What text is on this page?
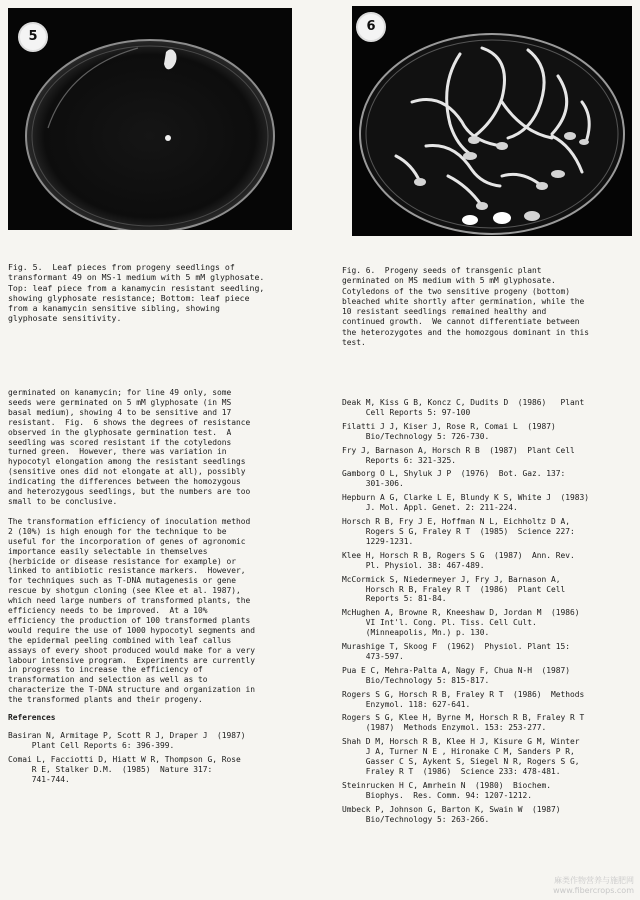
5
6
Fig. 5.  Leaf pieces from progeny seedlings of
transformant 49 on MS-1 medium with 5 mM glyphosate.
Top: leaf piece from a kanamycin resistant seedling,
showing glyphosate resistance; Bottom: leaf piece
from a kanamycin sensitive sibling, showing
glyphosate sensitivity.
Fig. 6.  Progeny seeds of transgenic plant
germinated on MS medium with 5 mM glyphosate.
Cotyledons of the two sensitive progeny (bottom)
bleached white shortly after germination, while the
10 resistant seedlings remained healthy and
continued growth.  We cannot differentiate between
the heterozygotes and the homozgous dominant in this
test.

germinated on kanamycin; for line 49 only, some
seeds were germinated on 5 mM glyphosate (in MS
basal medium), showing 4 to be sensitive and 17
resistant.  Fig.  6 shows the degrees of resistance
observed in the glyphosate germination test.  A
seedling was scored resistant if the cotyledons
turned green.  However, there was variation in
hypocotyl elongation among the resistant seedlings
(sensitive ones did not elongate at all), possibly
indicating the differences between the homozygous
and heterozygous seedlings, but the numbers are too
small to be conclusive.

The transformation efficiency of inoculation method
2 (10%) is high enough for the technique to be
useful for the incorporation of genes of agronomic
importance easily selectable in themselves
(herbicide or disease resistance for example) or
linked to antibiotic resistance markers.  However,
for techniques such as T-DNA mutagenesis or gene
rescue by shotgun cloning (see Klee et al. 1987),
which need large numbers of transformed plants, the
efficiency needs to be improved.  At a 10%
efficiency the production of 100 transformed plants
would require the use of 1000 hypocotyl segments and
the epidermal peeling combined with leaf callus
assays of every shoot produced would make for a very
labour intensive program.  Experiments are currently
in progress to increase the efficiency of
transformation and selection as well as to
characterize the T-DNA structure and organization in
the transformed plants and their progeny.

References
Basiran N, Armitage P, Scott R J, Draper J  (1987)
Plant Cell Reports 6: 396-399.
Comai L, Facciotti D, Hiatt W R, Thompson G, Rose
R E, Stalker D.M.  (1985)  Nature 317:
741-744.
Deak M, Kiss G B, Koncz C, Dudits D  (1986)   Plant
Cell Reports 5: 97-100
Filatti J J, Kiser J, Rose R, Comai L  (1987)
Bio/Technology 5: 726-730.
Fry J, Barnason A, Horsch R B  (1987)  Plant Cell
Reports 6: 321-325.
Gamborg O L, Shyluk J P  (1976)  Bot. Gaz. 137:
301-306.
Hepburn A G, Clarke L E, Blundy K S, White J  (1983)
J. Mol. Appl. Genet. 2: 211-224.
Horsch R B, Fry J E, Hoffman N L, Eichholtz D A,
Rogers S G, Fraley R T  (1985)  Science 227:
1229-1231.
Klee H, Horsch R B, Rogers S G  (1987)  Ann. Rev.
Pl. Physiol. 38: 467-489.
McCormick S, Niedermeyer J, Fry J, Barnason A,
Horsch R B, Fraley R T  (1986)  Plant Cell
Reports 5: 81-84.
McHughen A, Browne R, Kneeshaw D, Jordan M  (1986)
VI Int'l. Cong. Pl. Tiss. Cell Cult.
(Minneapolis, Mn.) p. 130.
Murashige T, Skoog F  (1962)  Physiol. Plant 15:
473-597.
Pua E C, Mehra-Palta A, Nagy F, Chua N-H  (1987)
Bio/Technology 5: 815-817.
Rogers S G, Horsch R B, Fraley R T  (1986)  Methods
Enzymol. 118: 627-641.
Rogers S G, Klee H, Byrne M, Horsch R B, Fraley R T
(1987)  Methods Enzymol. 153: 253-277.
Shah D M, Horsch R B, Klee H J, Kisure G M, Winter
J A, Turner N E , Hironake C M, Sanders P R,
Gasser C S, Aykent S, Siegel N R, Rogers S G,
Fraley R T  (1986)  Science 233: 478-481.
Steinrucken H C, Amrhein N  (1980)  Biochem.
Biophys.  Res. Comm. 94: 1207-1212.
Umbeck P, Johnson G, Barton K, Swain W  (1987)
Bio/Technology 5: 263-266.
麻类作物营养与施肥网
www.fibercrops.com
